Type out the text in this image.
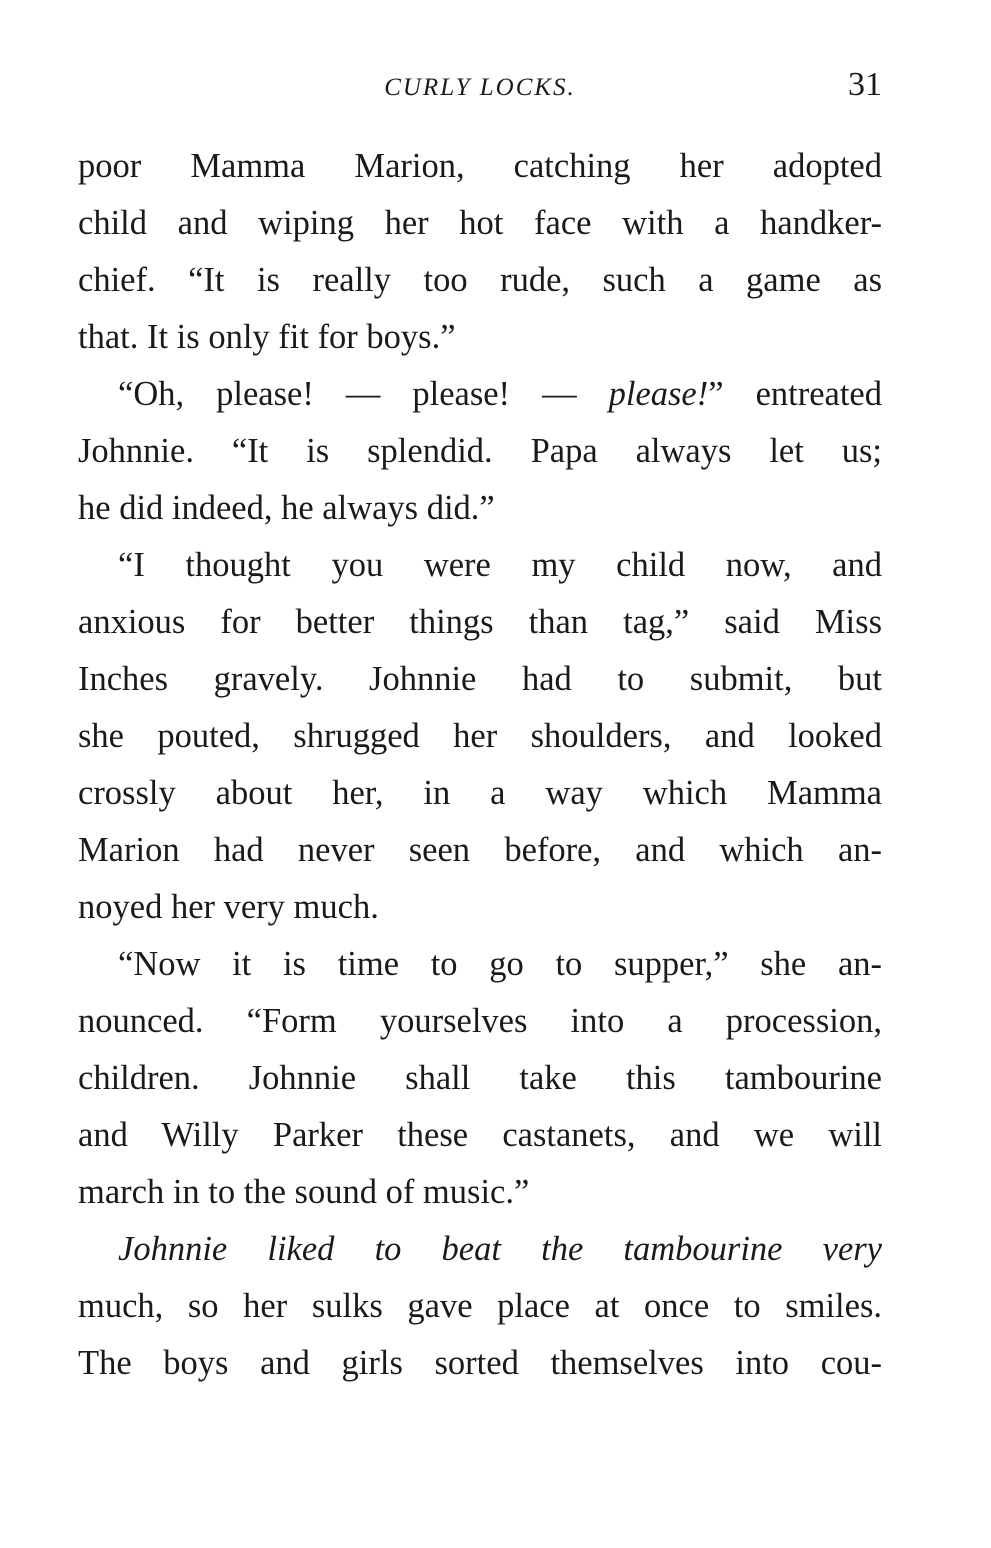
CURLY LOCKS.	31
poor Mamma Marion, catching her adopted
child and wiping her hot face with a handker-
chief. “It is really too rude, such a game as
that. It is only fit for boys.”
“Oh, please! — please! — please!” entreated
Johnnie. “It is splendid. Papa always let us;
he did indeed, he always did.”
“I thought you were my child now, and
anxious for better things than tag,” said Miss
Inches gravely. Johnnie had to submit, but
she pouted, shrugged her shoulders, and looked
crossly about her, in a way which Mamma
Marion had never seen before, and which an-
noyed her very much.
“Now it is time to go to supper,” she an-
nounced. “Form yourselves into a procession,
children. Johnnie shall take this tambourine
and Willy Parker these castanets, and we will
march in to the sound of music.”
Johnnie liked to beat the tambourine very
much, so her sulks gave place at once to smiles.
The boys and girls sorted themselves into cou-
